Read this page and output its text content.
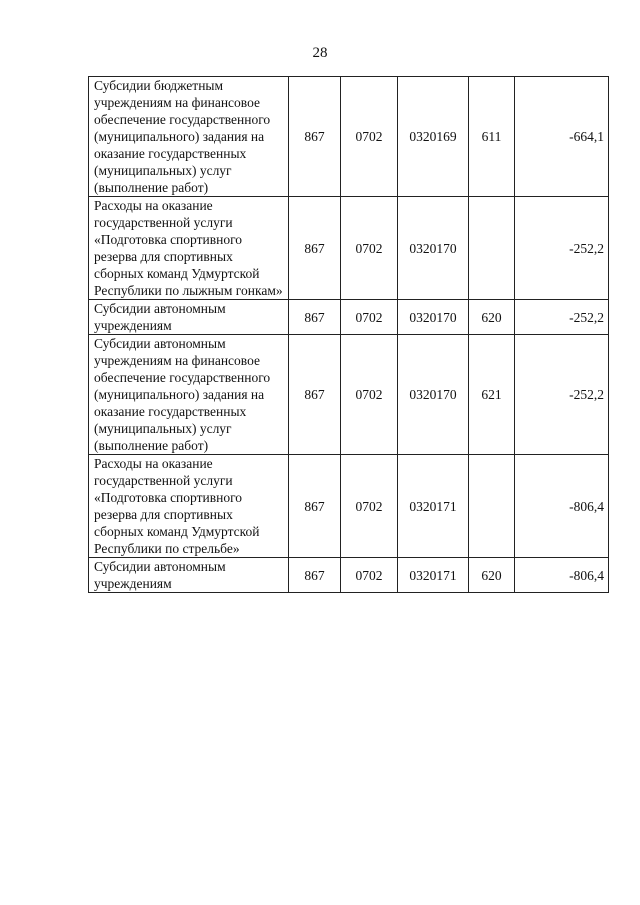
28
Субсидии бюджетным учреждениям на финансовое обеспечение государственного (муниципального) задания на оказание государственных (муниципальных) услуг (выполнение работ)	867	0702	0320169	611	-664,1
Расходы на оказание государственной услуги «Подготовка спортивного резерва для спортивных сборных команд Удмуртской Республики по лыжным гонкам»	867	0702	0320170		-252,2
Субсидии автономным учреждениям	867	0702	0320170	620	-252,2
Субсидии автономным учреждениям на финансовое обеспечение государственного (муниципального) задания на оказание государственных (муниципальных) услуг (выполнение работ)	867	0702	0320170	621	-252,2
Расходы на оказание государственной услуги «Подготовка спортивного резерва для спортивных сборных команд Удмуртской Республики по стрельбе»	867	0702	0320171		-806,4
Субсидии автономным учреждениям	867	0702	0320171	620	-806,4
